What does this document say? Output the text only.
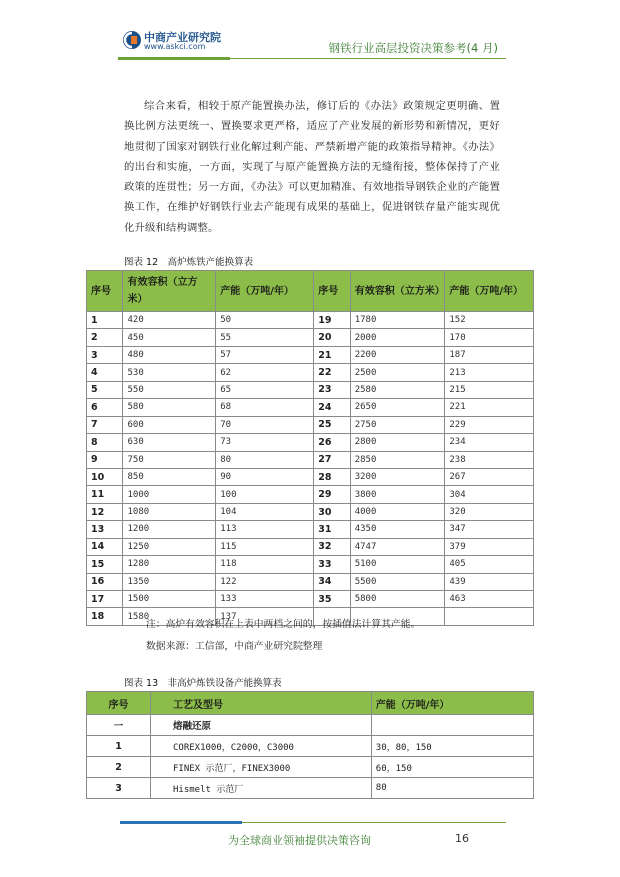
中商产业研究院
www.askci.com	钢铁行业高层投资决策参考(4 月)

综合来看，相较于原产能置换办法，修订后的《办法》政策规定更明确、置换比例方法更统一、置换要求更严格，适应了产业发展的新形势和新情况，更好地贯彻了国家对钢铁行业化解过剩产能、严禁新增产能的政策指导精神。《办法》的出台和实施，一方面，实现了与原产能置换方法的无缝衔接，整体保持了产业政策的连贯性；另一方面，《办法》可以更加精准、有效地指导钢铁企业的产能置换工作，在维护好钢铁行业去产能现有成果的基础上，促进钢铁存量产能实现优化升级和结构调整。

图表 12　高炉炼铁产能换算表
序号	有效容积（立方米）	产能（万吨/年）	序号	有效容积（立方米）	产能（万吨/年）
1	420	50	19	1780	152
2	450	55	20	2000	170
3	480	57	21	2200	187
4	530	62	22	2500	213
5	550	65	23	2580	215
6	580	68	24	2650	221
7	600	70	25	2750	229
8	630	73	26	2800	234
9	750	80	27	2850	238
10	850	90	28	3200	267
11	1000	100	29	3800	304
12	1080	104	30	4000	320
13	1200	113	31	4350	347
14	1250	115	32	4747	379
15	1280	118	33	5100	405
16	1350	122	34	5500	439
17	1500	133	35	5800	463
18	1580	137			
注：高炉有效容积在上表中两档之间的，按插值法计算其产能。
数据来源：工信部，中商产业研究院整理
图表 13　非高炉炼铁设备产能换算表
序号	工艺及型号	产能（万吨/年）
一	熔融还原	
1	COREX1000，C2000，C3000	30，80，150
2	FINEX 示范厂，FINEX3000	60，150
3	Hismelt 示范厂	80
为全球商业领袖提供决策咨询	16
